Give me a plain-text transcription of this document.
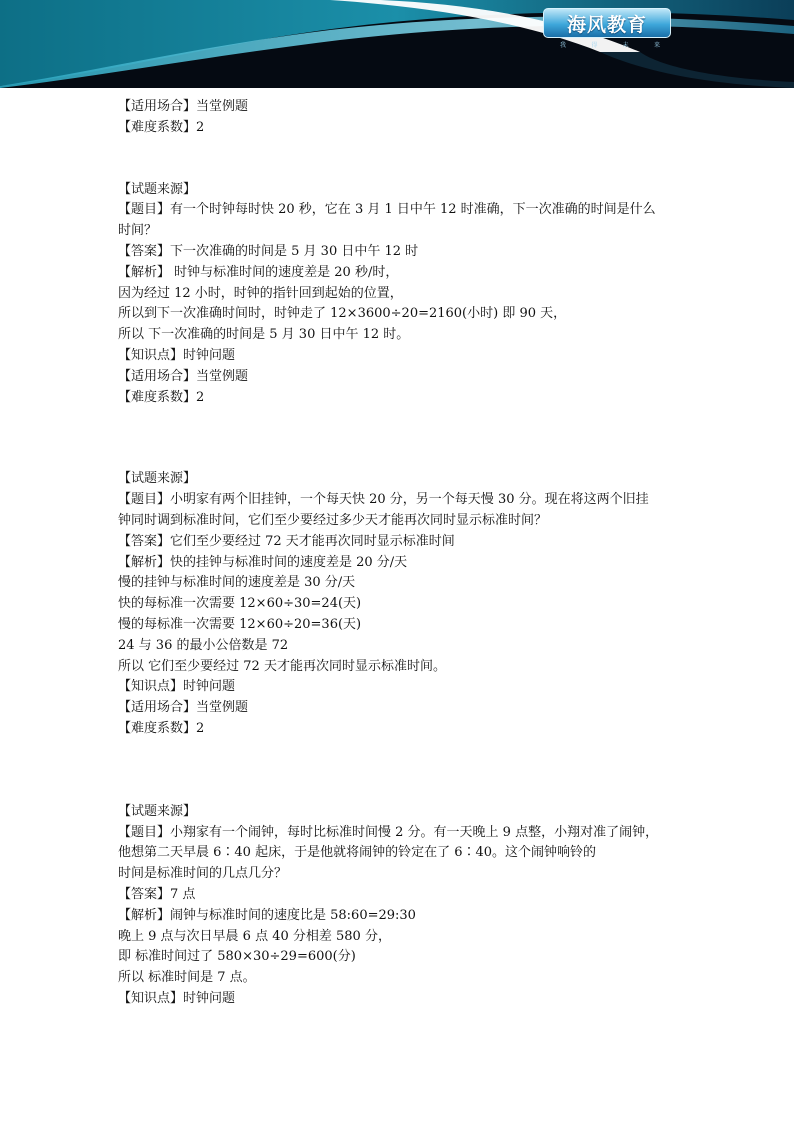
海风教育
我	得	未	来
【适用场合】当堂例题
【难度系数】2
【试题来源】
【题目】有一个时钟每时快 20 秒，它在 3 月 1 日中午 12 时准确，下一次准确的时间是什么
时间？
【答案】下一次准确的时间是 5 月 30 日中午 12 时
【解析】 时钟与标准时间的速度差是 20 秒/时，
因为经过 12 小时，时钟的指针回到起始的位置，
所以到下一次准确时间时，时钟走了 12×3600÷20=2160(小时) 即 90 天，
所以 下一次准确的时间是 5 月 30 日中午 12 时。
【知识点】时钟问题
【适用场合】当堂例题
【难度系数】2
【试题来源】
【题目】小明家有两个旧挂钟，一个每天快 20 分，另一个每天慢 30 分。现在将这两个旧挂
钟同时调到标准时间，它们至少要经过多少天才能再次同时显示标准时间？
【答案】它们至少要经过 72 天才能再次同时显示标准时间
【解析】快的挂钟与标准时间的速度差是 20 分/天
慢的挂钟与标准时间的速度差是 30 分/天
快的每标准一次需要 12×60÷30=24(天)
慢的每标准一次需要 12×60÷20=36(天)
24 与 36 的最小公倍数是 72
所以 它们至少要经过 72 天才能再次同时显示标准时间。
【知识点】时钟问题
【适用场合】当堂例题
【难度系数】2
【试题来源】
【题目】小翔家有一个闹钟，每时比标准时间慢 2 分。有一天晚上 9 点整，小翔对准了闹钟，
他想第二天早晨 6∶40 起床，于是他就将闹钟的铃定在了 6∶40。这个闹钟响铃的
时间是标准时间的几点几分？
【答案】7 点
【解析】闹钟与标准时间的速度比是 58:60=29:30
晚上 9 点与次日早晨 6 点 40 分相差 580 分，
即 标准时间过了 580×30÷29=600(分)
所以 标准时间是 7 点。
【知识点】时钟问题
